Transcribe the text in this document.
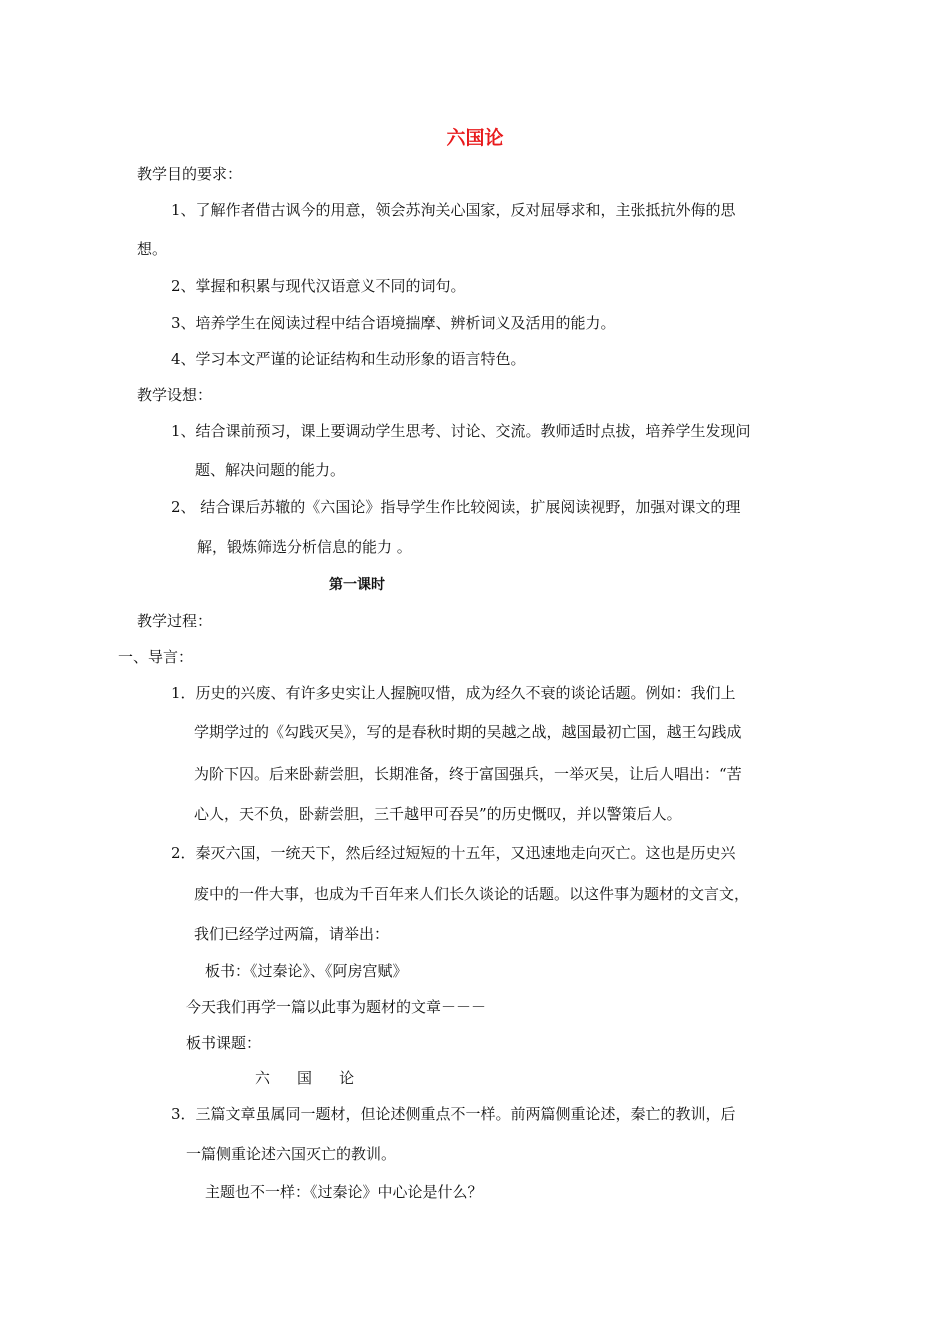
六国论
教学目的要求：
1、了解作者借古讽今的用意，领会苏洵关心国家，反对屈辱求和，主张抵抗外侮的思
想。
2、掌握和积累与现代汉语意义不同的词句。
3、培养学生在阅读过程中结合语境揣摩、辨析词义及活用的能力。
4、学习本文严谨的论证结构和生动形象的语言特色。
教学设想：
1、结合课前预习，课上要调动学生思考、讨论、交流。教师适时点拔，培养学生发现问
题、解决问题的能力。
2、 结合课后苏辙的《六国论》指导学生作比较阅读，扩展阅读视野，加强对课文的理
解，锻炼筛选分析信息的能力 。
第一课时
教学过程：
一、导言：
1．历史的兴废、有许多史实让人握腕叹惜，成为经久不衰的谈论话题。例如：我们上
学期学过的《勾践灭吴》，写的是春秋时期的吴越之战，越国最初亡国，越王勾践成
为阶下囚。后来卧薪尝胆，长期准备，终于富国强兵，一举灭吴，让后人唱出：“苦
心人，天不负，卧薪尝胆，三千越甲可吞吴”的历史慨叹，并以警策后人。
2．秦灭六国，一统天下，然后经过短短的十五年，又迅速地走向灭亡。这也是历史兴
废中的一件大事，也成为千百年来人们长久谈论的话题。以这件事为题材的文言文，
我们已经学过两篇，请举出：
板书：《过秦论》、《阿房宫赋》
今天我们再学一篇以此事为题材的文章－－－
板书课题：
六  国  论
3．三篇文章虽属同一题材，但论述侧重点不一样。前两篇侧重论述，秦亡的教训，后
一篇侧重论述六国灭亡的教训。
主题也不一样：《过秦论》中心论是什么？
